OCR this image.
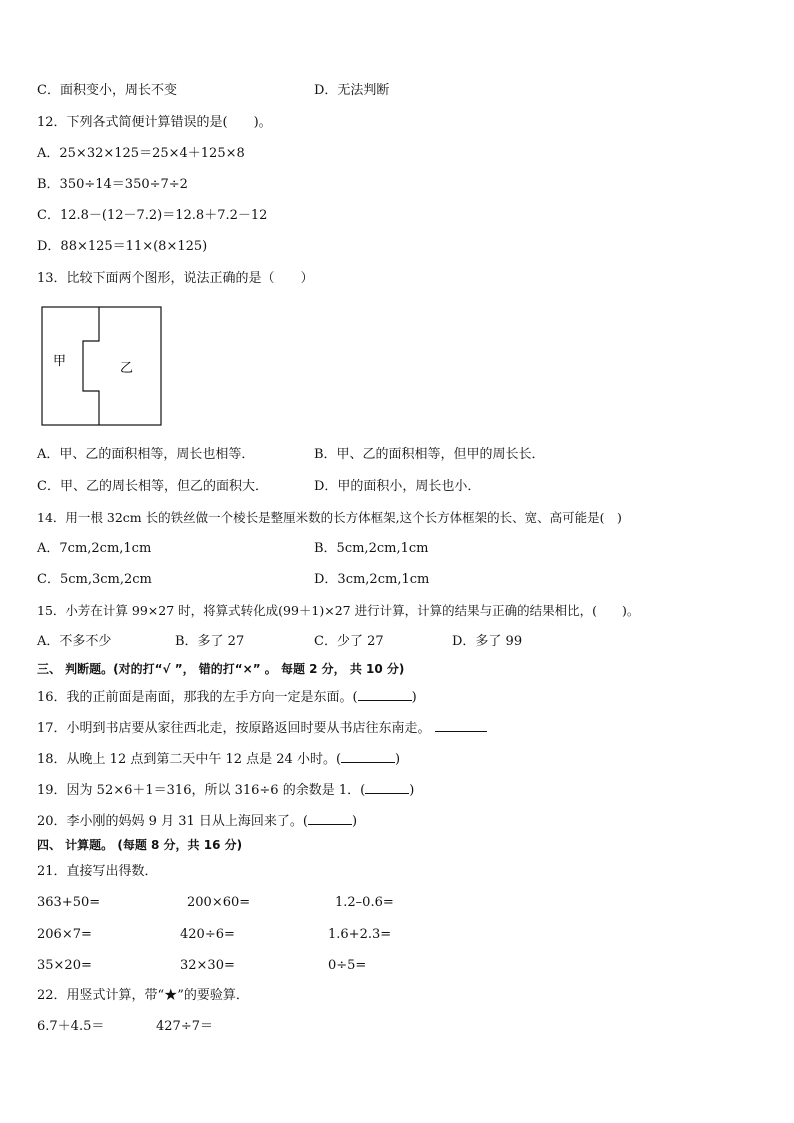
C．面积变小，周长不变	D．无法判断
12．下列各式简便计算错误的是(　　)。
A．25×32×125＝25×4＋125×8
B．350÷14＝350÷7÷2
C．12.8－(12－7.2)＝12.8＋7.2－12
D．88×125＝11×(8×125)
13．比较下面两个图形，说法正确的是（　　）
甲	乙
A．甲、乙的面积相等，周长也相等．	B．甲、乙的面积相等，但甲的周长长．
C．甲、乙的周长相等，但乙的面积大．	D．甲的面积小，周长也小．
14．用一根 32cm 长的铁丝做一个棱长是整厘米数的长方体框架,这个长方体框架的长、宽、高可能是(　)
A．7cm,2cm,1cm	B．5cm,2cm,1cm
C．5cm,3cm,2cm	D．3cm,2cm,1cm
15．小芳在计算 99×27 时，将算式转化成(99＋1)×27 进行计算，计算的结果与正确的结果相比，(　　)。
A．不多不少	B．多了 27	C．少了 27	D．多了 99
三、 判断题。(对的打“√ ”， 错的打“×” 。 每题 2 分， 共 10 分)
16．我的正前面是南面，那我的左手方向一定是东面。(	)
17．小明到书店要从家往西北走，按原路返回时要从书店往东南走。
18．从晚上 12 点到第二天中午 12 点是 24 小时。(	)
19．因为 52×6＋1＝316，所以 316÷6 的余数是 1．(	)
20．李小刚的妈妈 9 月 31 日从上海回来了。(	)
四、 计算题。 (每题 8 分，共 16 分)
21．直接写出得数．
363+50=	200×60=	1.2–0.6=
206×7=	420÷6=	1.6+2.3=
35×20=	32×30=	0÷5=
22．用竖式计算，带“★”的要验算．
6.7＋4.5＝	427÷7＝
